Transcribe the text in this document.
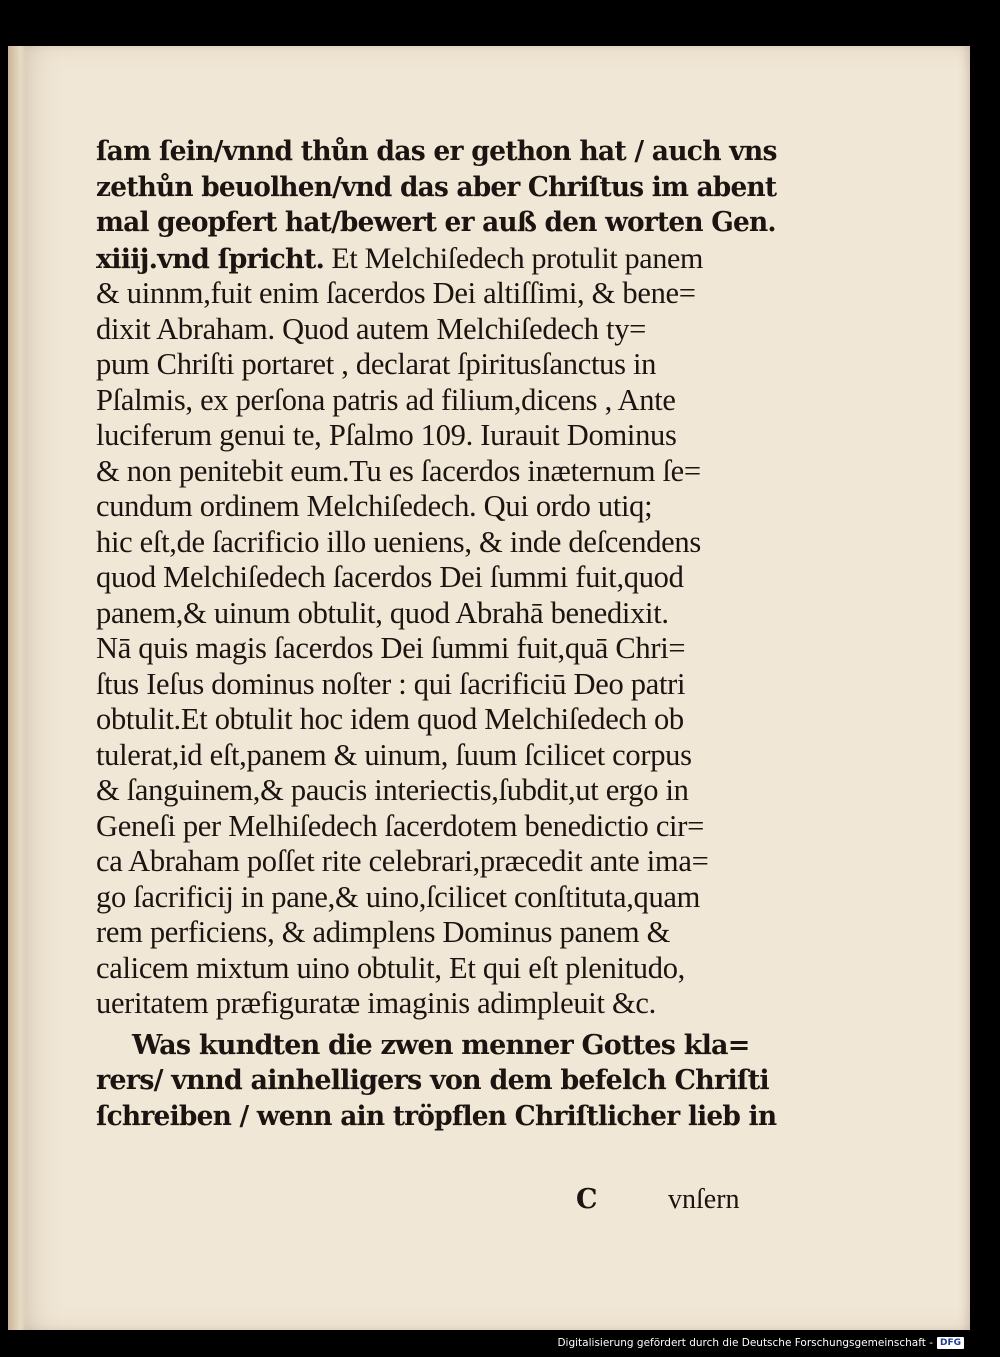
ſam ſein/vnnd thůn das er gethon hat / auch vns
zethůn beuolhen/vnd das aber Chriſtus im abent
mal geopfert hat/bewert er auß den worten Gen.
xiiij.vnd ſpricht. Et Melchiſedech protulit panem
& uinnm,fuit enim ſacerdos Dei altiſſimi, & bene=
dixit Abraham. Quod autem Melchiſedech ty=
pum Chriſti portaret , declarat ſpiritusſanctus in
Pſalmis, ex perſona patris ad filium,dicens , Ante
luciferum genui te, Pſalmo 109. Iurauit Dominus
& non penitebit eum.Tu es ſacerdos inæternum ſe=
cundum ordinem Melchiſedech. Qui ordo utiq;
hic eſt,de ſacrificio illo ueniens, & inde deſcendens
quod Melchiſedech ſacerdos Dei ſummi fuit,quod
panem,& uinum obtulit, quod Abrahā benedixit.
Nā quis magis ſacerdos Dei ſummi fuit,quā Chri=
ſtus Ieſus dominus noſter : qui ſacrificiū Deo patri
obtulit.Et obtulit hoc idem quod Melchiſedech ob
tulerat,id eſt,panem & uinum, ſuum ſcilicet corpus
& ſanguinem,& paucis interiectis,ſubdit,ut ergo in
Geneſi per Melhiſedech ſacerdotem benedictio cir=
ca Abraham poſſet rite celebrari,præcedit ante ima=
go ſacrificij in pane,& uino,ſcilicet conſtituta,quam
rem perficiens, & adimplens Dominus panem &
calicem mixtum uino obtulit, Et qui eſt plenitudo,
ueritatem præfiguratæ imaginis adimpleuit &c.
Was kundten die zwen menner Gottes kla=
rers/ vnnd ainhelligers von dem befelch Chriſti
ſchreiben / wenn ain tröpflen Chriſtlicher lieb in
C	vnſern
Digitalisierung gefördert durch die Deutsche Forschungsgemeinschaft - DFG
